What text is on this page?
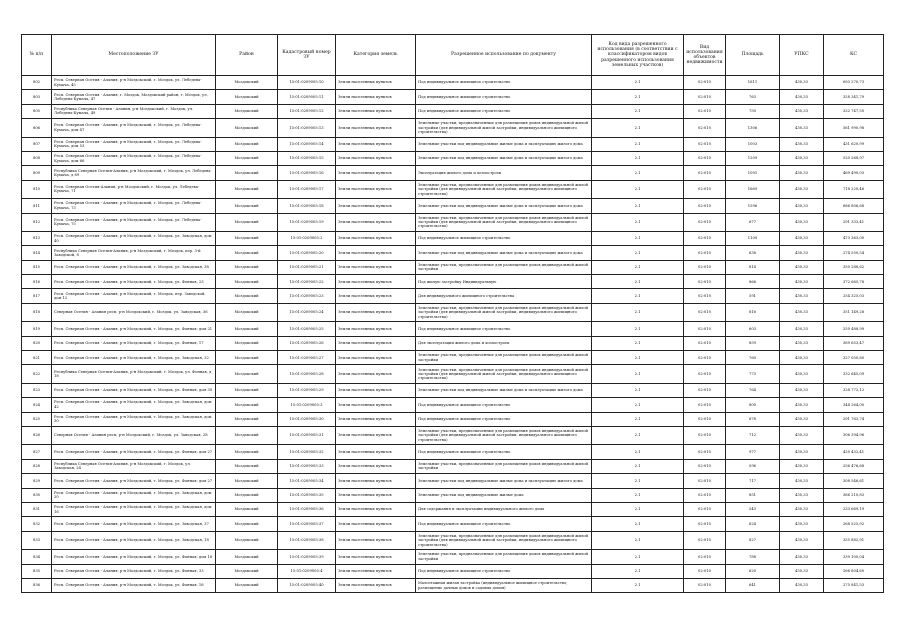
№ п/п	Местоположение ЗУ	Район	Кадастровый номер ЗУ	Категория земель	Разрешенное использование по документу	Код вида разрешенного использования (в соответствии с классификатором видов разрешенного использования земельных участков)	Вид использования объектов недвижимости	Площадь	УПКС	КС
802	Респ. Северная Осетия - Алания, р-н Моздокский, г. Моздок, ул. Лебедева-Кумача, 45	Моздокский	15:01:0209005:10	Земли населенных пунктов	Под индивидуальное жилищное строительство	2.1	02:010	1611	430,33	693 270,73
803	Респ. Северная Осетия - Алания, г. Моздок, Моздокский район, г. Моздок, ул. Лебедева-Кумача, 47	Моздокский	15:01:0209005:11	Земли населенных пунктов	Под индивидуальное жилищное строительство	2.1	02:010	763	430,33	328 341,79
805	Республика Северная Осетия - Алания, р-н Моздокский, г. Моздок, ул. Лебедева-Кумача, 49	Моздокский	15:01:0209005:12	Земли населенных пунктов	Под индивидуальное жилищное строительство	2.1	02:010	750	430,33	322 747,50
806	Респ. Северная Осетия - Алания, р-н Моздокский, г. Моздок, ул. Лебедева-Кумача, дом 47	Моздокский	15:01:0209005:13	Земли населенных пунктов	Земельные участки, предназначенные для размещения домов индивидуальной жилой застройки (для индивидуальной жилой застройки, индивидуального жилищного строительства)	2.1	02:010	1306	430,33	561 990,98
807	Респ. Северная Осетия - Алания, р-н Моздокский, г. Моздок, ул. Лебедева-Кумача, дом 53	Моздокский	15:01:0209005:14	Земли населенных пунктов	Земельные участки под индивидуальные жилые дома и эксплуатацию жилого дома	2.1	02:010	1003	430,33	431 620,99
808	Респ. Северная Осетия - Алания, р-н Моздокский, г. Моздок, ул. Лебедева-Кумача, дом 66	Моздокский	15:01:0209005:15	Земли населенных пунктов	Земельные участки под индивидуальные жилые дома и эксплуатацию жилого дома	2.1	02:010	1209	430,33	520 268,97
809	Республика Северная Осетия-Алания, р-н Моздокский, г. Моздок, ул. Лебедева-Кумача, д 69	Моздокский	15:01:0209005:16	Земли населенных пунктов	Эксплуатация жилого дома и хозпостроек	2.1	02:010	1091	430,33	469 490,03
810	Респ. Северная Осетия-Алания, р-н Моздокский, г. Моздок, ул. Лебедева-Кумача, 71	Моздокский	15:01:0209005:17	Земли населенных пунктов	Земельные участки, предназначенные для размещения домов индивидуальной жилой застройки (для индивидуальной жилой застройки, индивидуального жилищного строительства)	2.1	02:010	1669	430,33	718 220,46
811	Респ. Северная Осетия - Алания, р-н Моздокский, г. Моздок, ул. Лебедева-Кумача, 73	Моздокский	15:01:0209005:18	Земли населенных пунктов	Земельные участки под индивидуальные жилые дома и эксплуатацию жилого дома	2.1	02:010	1596	430,33	686 806,68
812	Респ. Северная Осетия - Алания, р-н Моздокский, г. Моздок, ул. Лебедева-Кумача, 75	Моздокский	15:01:0209005:19	Земли населенных пунктов	Земельные участки, предназначенные для размещения домов индивидуальной жилой застройки (для индивидуальной жилой застройки, индивидуального жилищного строительства)	2.1	02:010	677	430,33	291 333,41
813	Респ. Северная Осетия - Алания, р-н Моздокский, г. Моздок, ул. Заводская, дом 40	Моздокский	15:01:0209005:2	Земли населенных пунктов	Под индивидуальное жилищное строительство	2.1	02:010	1100	430,33	473 363,00
814	Республика Северная Осетия-Алания, р-н Моздокский, г. Моздок, пер. 3-й Заводской, 8	Моздокский	15:01:0209005:20	Земли населенных пунктов	Земельные участки под индивидуальные жилые дома и эксплуатацию жилого дома	2.1	02:010	638	430,33	274 550,54
815	Респ. Северная Осетия - Алания, р-н Моздокский, г. Моздок, ул. Заводская, 38	Моздокский	15:01:0209005:21	Земли населенных пунктов	Земельные участки, предназначенные для размещения домов индивидуальной жилой застройки	2.1	02:010	814	430,33	350 288,62
816	Респ. Северная Осетия - Алания, р-н Моздокский, г. Моздок, ул. Фонная, 23	Моздокский	15:01:0209005:22	Земли населенных пунктов	Под жилую застройку Индивидуальную	2.1	02:010	866	430,33	372 665,78
817	Респ. Северная Осетия - Алания, р-н Моздокский, г. Моздок, пер. Заводской, дом 12	Моздокский	15:01:0209005:23	Земли населенных пунктов	Для индивидуального жилищного строительства	2.1	02:010	591	430,33	254 325,03
818	Северная Осетия - Алания респ, р-н Моздокский, г. Моздок, ул. Заводская, 36	Моздокский	15:01:0209005:24	Земли населенных пунктов	Земельные участки, предназначенные для размещения домов индивидуальной жилой застройки (для индивидуальной жилой застройки, индивидуального жилищного строительства)	2.1	02:010	816	430,33	351 149,28
819	Респ. Северная Осетия - Алания, р-н Моздокский, г. Моздок, ул. Фонная, дом 21	Моздокский	15:01:0209005:25	Земли населенных пунктов	Под индивидуальное жилищное строительство	2.1	02:010	603	430,33	259 488,99
820	Респ. Северная Осетия - Алания, р-н Моздокский, г. Моздок, ул. Фонная, 17	Моздокский	15:01:0209005:26	Земли населенных пунктов	Для эксплуатации жилого дома и хозпостроек	2.1	02:010	859	430,33	369 653,47
821	Респ. Северная Осетия - Алания, р-н Моздокский, г. Моздок, ул. Заводская, 32	Моздокский	15:01:0209005:27	Земли населенных пунктов	Земельные участки, предназначенные для размещения домов индивидуальной жилой застройки	2.1	02:010	760	430,33	327 050,80
822	Республика Северная Осетия-Алания, р-н Моздокский, г. Моздок, ул. Фонная, д 18	Моздокский	15:01:0209005:28	Земли населенных пунктов	Земельные участки, предназначенные для размещения домов индивидуальной жилой застройки (для индивидуальной жилой застройки, индивидуального жилищного строительства)	2.1	02:010	773	430,33	332 645,09
823	Респ. Северная Осетия - Алания, р-н Моздокский, г. Моздок, ул. Фонная, дом 30	Моздокский	15:01:0209005:29	Земли населенных пунктов	Земельные участки под индивидуальные жилые дома и эксплуатацию жилого дома	2.1	02:010	764	430,33	328 772,12
824	Респ. Северная Осетия - Алания, р-н Моздокский, г. Моздок, ул. Заводская, дом 42	Моздокский	15:01:0209005:3	Земли населенных пунктов	Под индивидуальное жилищное строительство	2.1	02:010	800	430,33	344 264,00
825	Респ. Северная Осетия - Алания, р-н Моздокский, г. Моздок, ул. Заводская, дом 30	Моздокский	15:01:0209005:30	Земли населенных пунктов	Под индивидуальное жилищное строительство	2.1	02:010	678	430,33	291 763,74
826	Северная Осетия - Алания респ, р-н Моздокский, г. Моздок, ул. Заводская, 28	Моздокский	15:01:0209005:31	Земли населенных пунктов	Земельные участки, предназначенные для размещения домов индивидуальной жилой застройки (для индивидуальной жилой застройки, индивидуального жилищного строительства)	2.1	02:010	712	430,33	306 394,96
827	Респ. Северная Осетия - Алания, р-н Моздокский, г. Моздок, ул. Фонная, дом 27	Моздокский	15:01:0209005:32	Земли населенных пунктов	Под индивидуальное жилищное строительство	2.1	02:010	977	430,33	420 432,41
828	Республика Северная Осетия-Алания, р-н Моздокский, г. Моздок, ул. Заводская, 24	Моздокский	15:01:0209005:33	Земли населенных пунктов	Земельные участки, предназначенные для размещения домов индивидуальной жилой застройки	2.1	02:010	596	430,33	256 476,68
829	Респ. Северная Осетия - Алания, р-н Моздокский, г. Моздок, ул. Фонная, дом 27	Моздокский	15:01:0209005:34	Земли населенных пунктов	Земельные участки под индивидуальные жилые дома и эксплуатацию жилого дома	2.1	02:010	717	430,33	308 546,61
830	Респ. Северная Осетия - Алания, р-н Моздокский, г. Моздок, ул. Заводская, дом 20	Моздокский	15:01:0209005:35	Земли населенных пунктов	Земельные участки под индивидуальные жилые дома	2.1	02:010	851	430,33	366 210,83
831	Респ. Северная Осетия - Алания, р-н Моздокский, г. Моздок, ул. Заводская, дом 16	Моздокский	15:01:0209005:36	Земли населенных пунктов	Для содержания и эксплуатации индивидуального жилого дома	2.1	02:010	543	430,33	233 669,19
832	Респ. Северная Осетия - Алания, р-н Моздокский, г. Моздок, ул. Заводская, 37	Моздокский	15:01:0209005:37	Земли населенных пунктов	Под индивидуальное жилищное строительство	2.1	02:010	624	430,33	268 525,92
833	Респ. Северная Осетия - Алания, р-н Моздокский, г. Моздок, ул. Заводская, 18	Моздокский	15:01:0209005:38	Земли населенных пунктов	Земельные участки, предназначенные для размещения домов индивидуальной жилой застройки (для индивидуальной жилой застройки, индивидуального жилищного строительства)	2.1	02:010	827	430,33	355 882,91
834	Респ. Северная Осетия - Алания, р-н Моздокский, г. Моздок, ул. Фонная, дом 18	Моздокский	15:01:0209005:39	Земли населенных пунктов	Земельные участки, предназначенные для размещения домов индивидуальной жилой застройки	2.1	02:010	788	430,33	339 100,04
835	Респ. Северная Осетия - Алания, р-н Моздокский, г. Моздок, ул. Фонная, 33	Моздокский	15:01:0209005:4	Земли населенных пунктов	Под индивидуальное жилищное строительство	2.1	02:010	620	430,33	266 804,60
836	Респ. Северная Осетия - Алания, р-н Моздокский, г. Моздок, ул. Фонная, 16	Моздокский	15:01:0209005:40	Земли населенных пунктов	Малоэтажная жилая застройка (индивидуальное жилищное строительство; размещение дачных домов и садовых домов)	2.1	02:010	641	430,33	275 841,53
